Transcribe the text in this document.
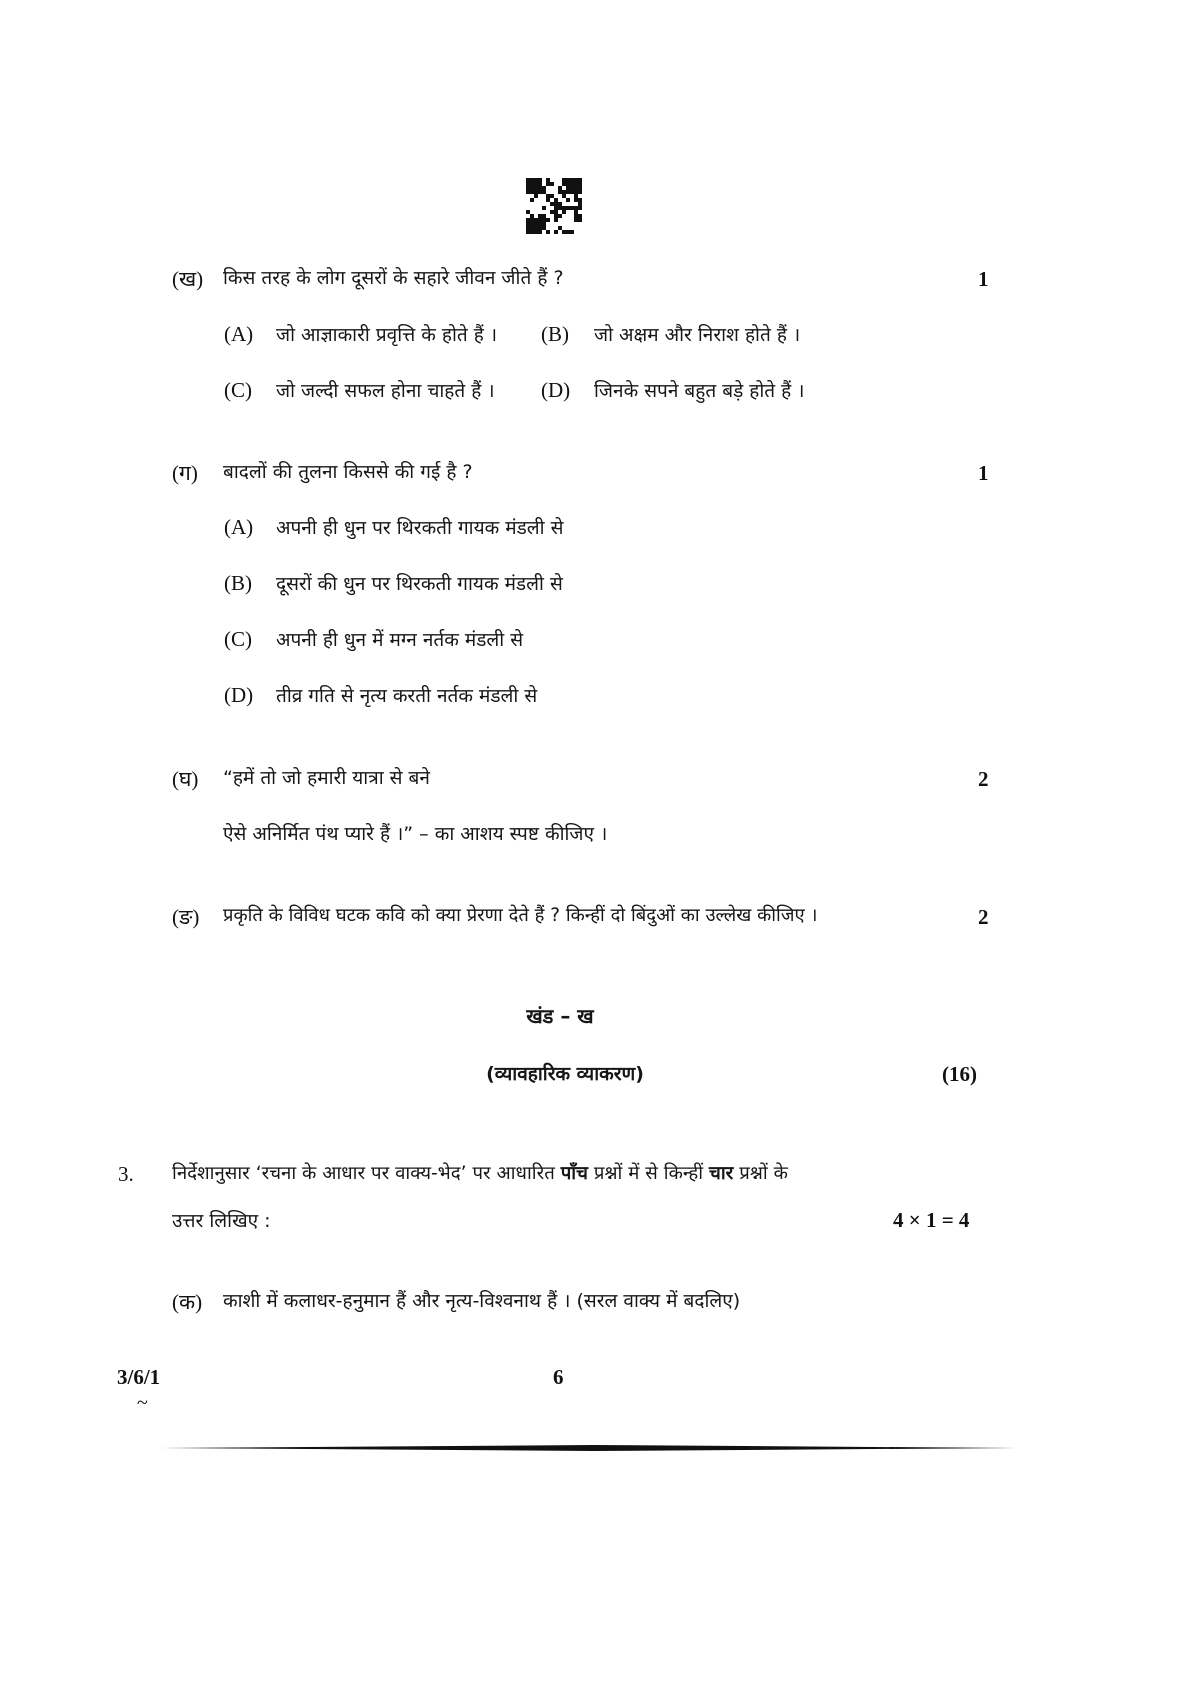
(ख) किस तरह के लोग दूसरों के सहारे जीवन जीते हैं ?	1
(A) जो आज्ञाकारी प्रवृत्ति के होते हैं । (B) जो अक्षम और निराश होते हैं ।
(C) जो जल्दी सफल होना चाहते हैं । (D) जिनके सपने बहुत बड़े होते हैं ।
(ग) बादलों की तुलना किससे की गई है ?	1
(A) अपनी ही धुन पर थिरकती गायक मंडली से
(B) दूसरों की धुन पर थिरकती गायक मंडली से
(C) अपनी ही धुन में मग्न नर्तक मंडली से
(D) तीव्र गति से नृत्य करती नर्तक मंडली से
(घ) “हमें तो जो हमारी यात्रा से बने	2
ऐसे अनिर्मित पंथ प्यारे हैं ।” – का आशय स्पष्ट कीजिए ।
(ङ) प्रकृति के विविध घटक कवि को क्या प्रेरणा देते हैं ? किन्हीं दो बिंदुओं का उल्लेख कीजिए ।	2
खंड – ख
(व्यावहारिक व्याकरण)	(16)
3. निर्देशानुसार ‘रचना के आधार पर वाक्य-भेद’ पर आधारित पाँच प्रश्नों में से किन्हीं चार प्रश्नों के
उत्तर लिखिए :	4 × 1 = 4
(क) काशी में कलाधर-हनुमान हैं और नृत्य-विश्वनाथ हैं । (सरल वाक्य में बदलिए)
3/6/1	6
~
